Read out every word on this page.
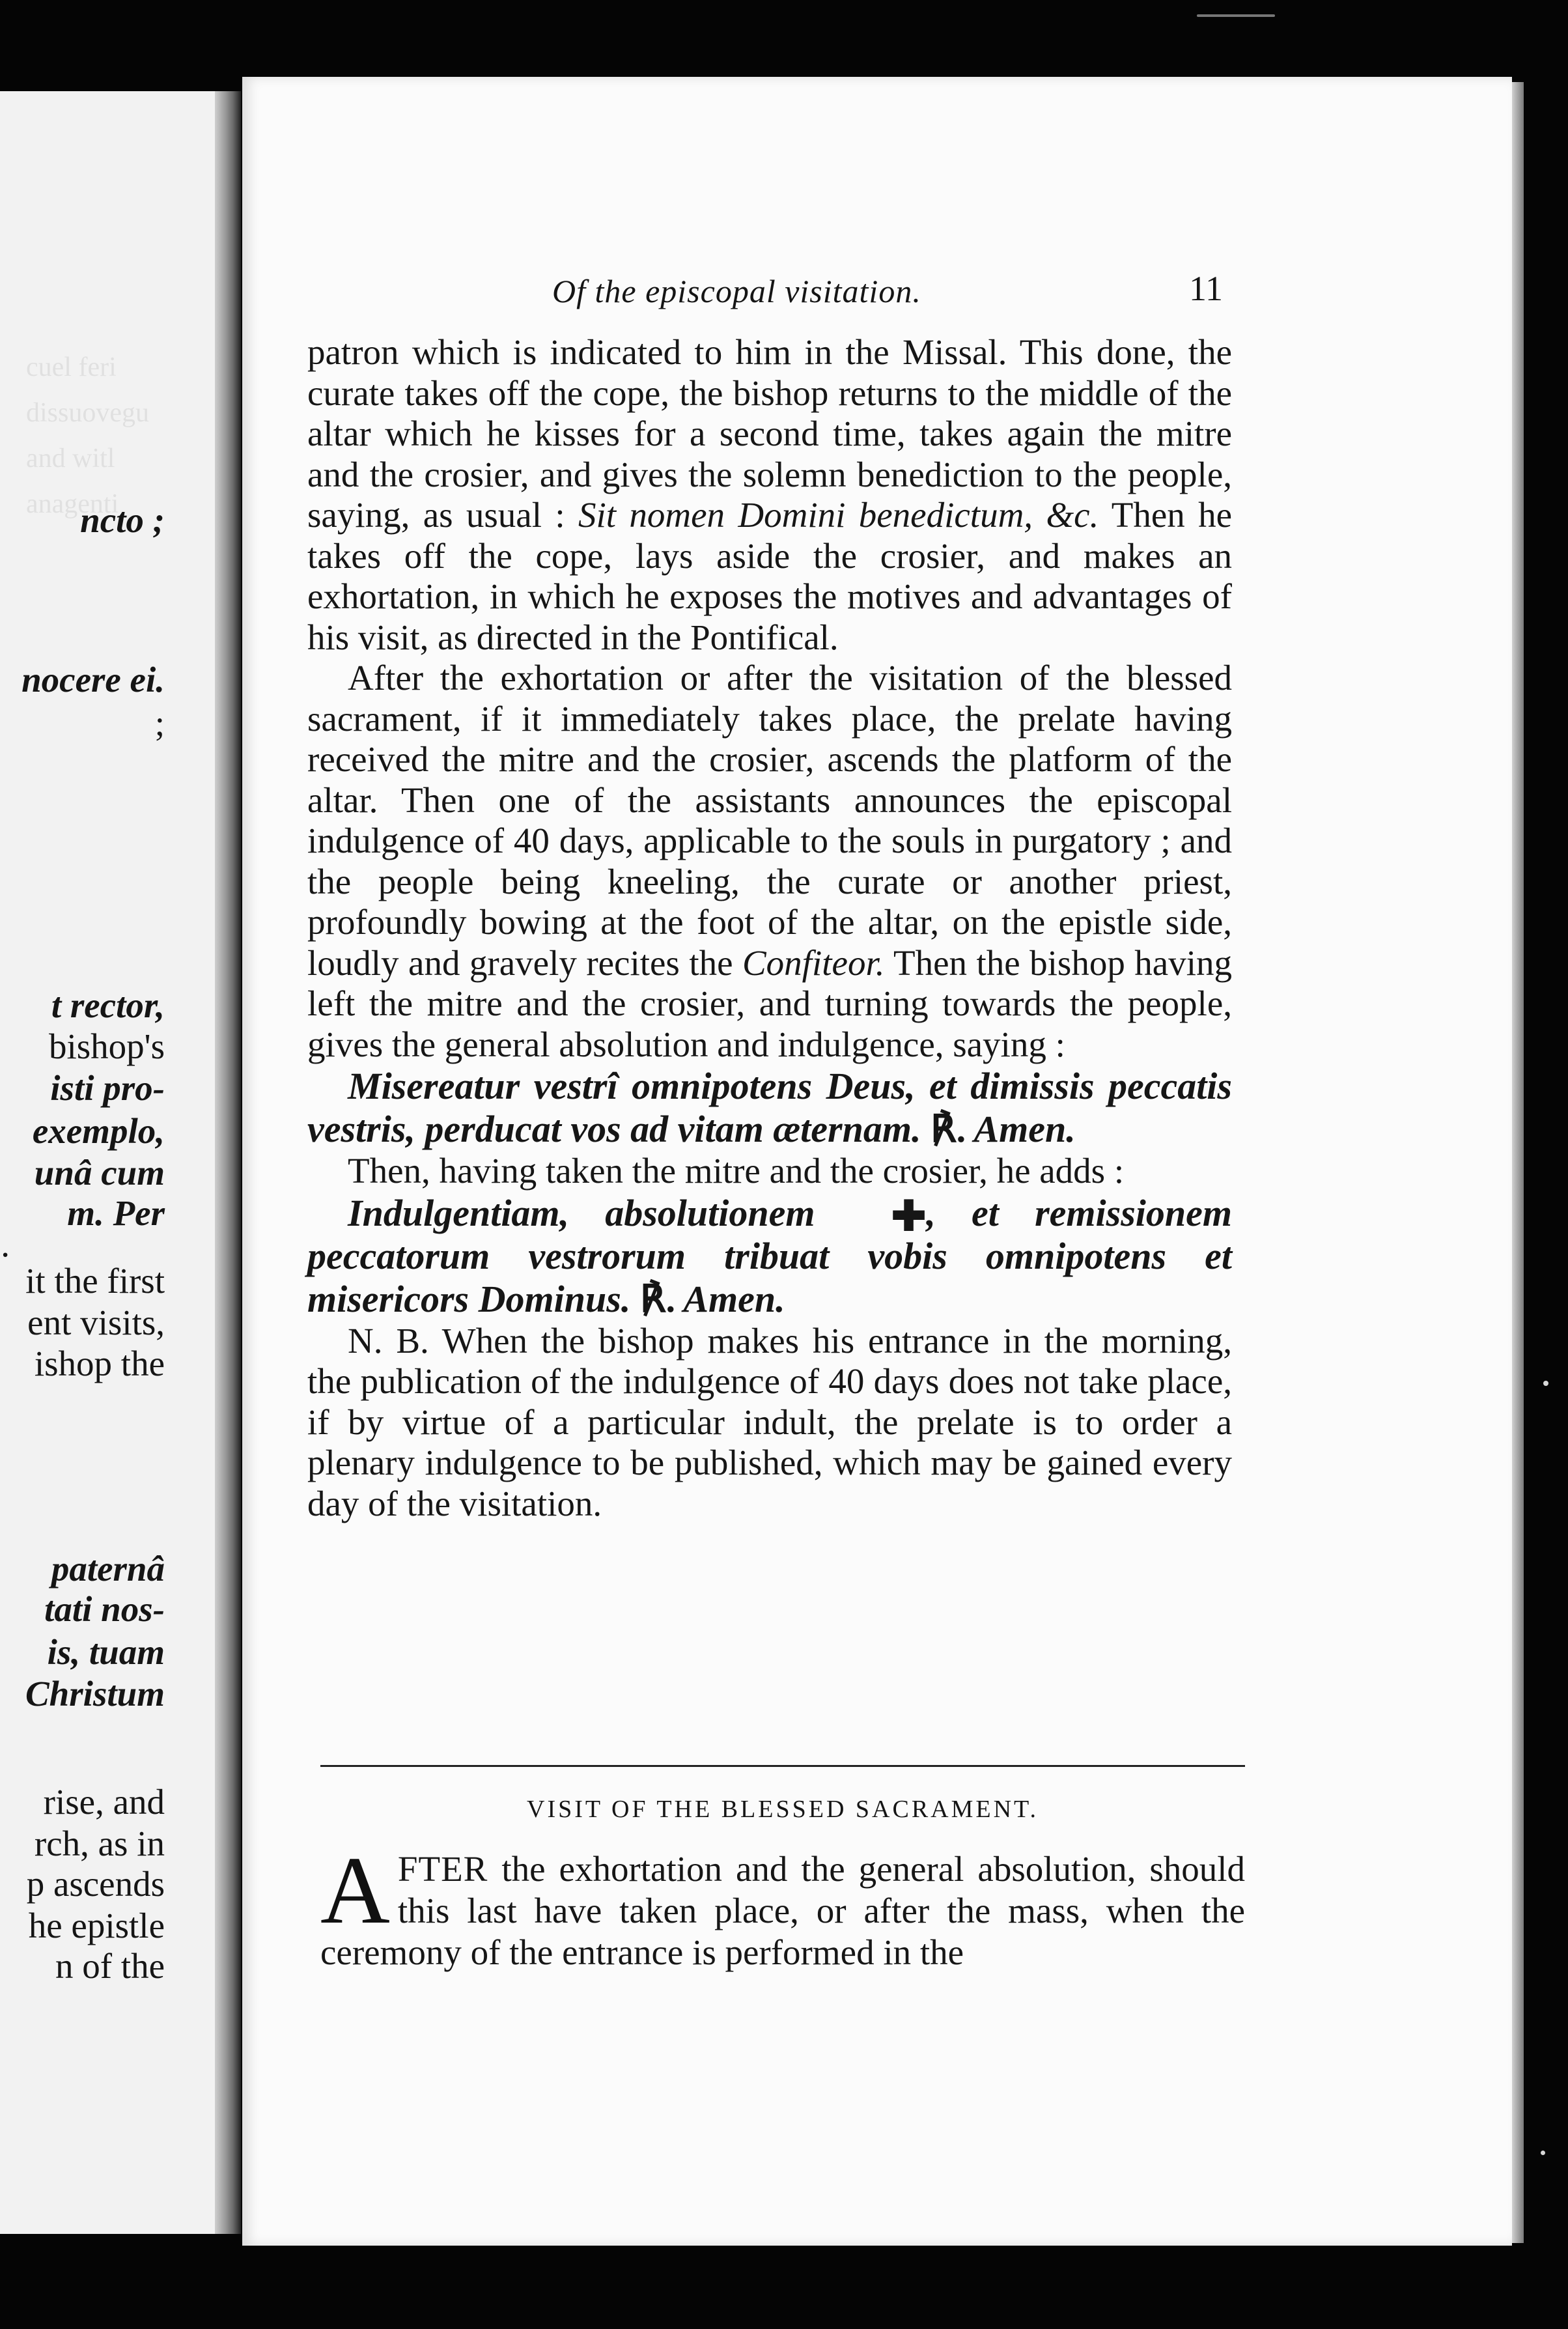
cuel feri
dissuovegu
and witl
anagenti
ncto ;
nocere ei.
;
t rector,
bishop's
isti pro-
exemplo,
unâ cum
m. Per
.
it the first
ent visits,
ishop the
paternâ
tati nos-
is, tuam
Christum
rise, and
rch, as in
p ascends
he epistle
n of the
Of the episcopal visitation.	11

patron which is indicated to him in the Missal. This done, the curate takes off the cope, the bishop returns to the middle of the altar which he kisses for a second time, takes again the mitre and the crosier, and gives the solemn benediction to the people, saying, as usual : Sit nomen Domini benedictum, &c. Then he takes off the cope, lays aside the crosier, and makes an exhortation, in which he exposes the motives and advantages of his visit, as directed in the Pontifical.

After the exhortation or after the visitation of the blessed sacrament, if it immediately takes place, the prelate having received the mitre and the crosier, ascends the platform of the altar. Then one of the assistants announces the episcopal indulgence of 40 days, applicable to the souls in purgatory ; and the people being kneeling, the curate or another priest, profoundly bowing at the foot of the altar, on the epistle side, loudly and gravely recites the Confiteor. Then the bishop having left the mitre and the crosier, and turning towards the people, gives the general absolution and indulgence, saying :

Misereatur vestrî omnipotens Deus, et dimissis peccatis vestris, perducat vos ad vitam æternam. ℟. Amen.

Then, having taken the mitre and the crosier, he adds :

Indulgentiam, absolutionem ✚, et remissionem peccatorum vestrorum tribuat vobis omnipotens et misericors Dominus. ℟. Amen.

N. B. When the bishop makes his entrance in the morning, the publication of the indulgence of 40 days does not take place, if by virtue of a particular indult, the prelate is to order a plenary indulgence to be published, which may be gained every day of the visitation.

VISIT OF THE BLESSED SACRAMENT.
A FTER the exhortation and the general absolution, should this last have taken place, or after the mass, when the ceremony of the entrance is performed in the
